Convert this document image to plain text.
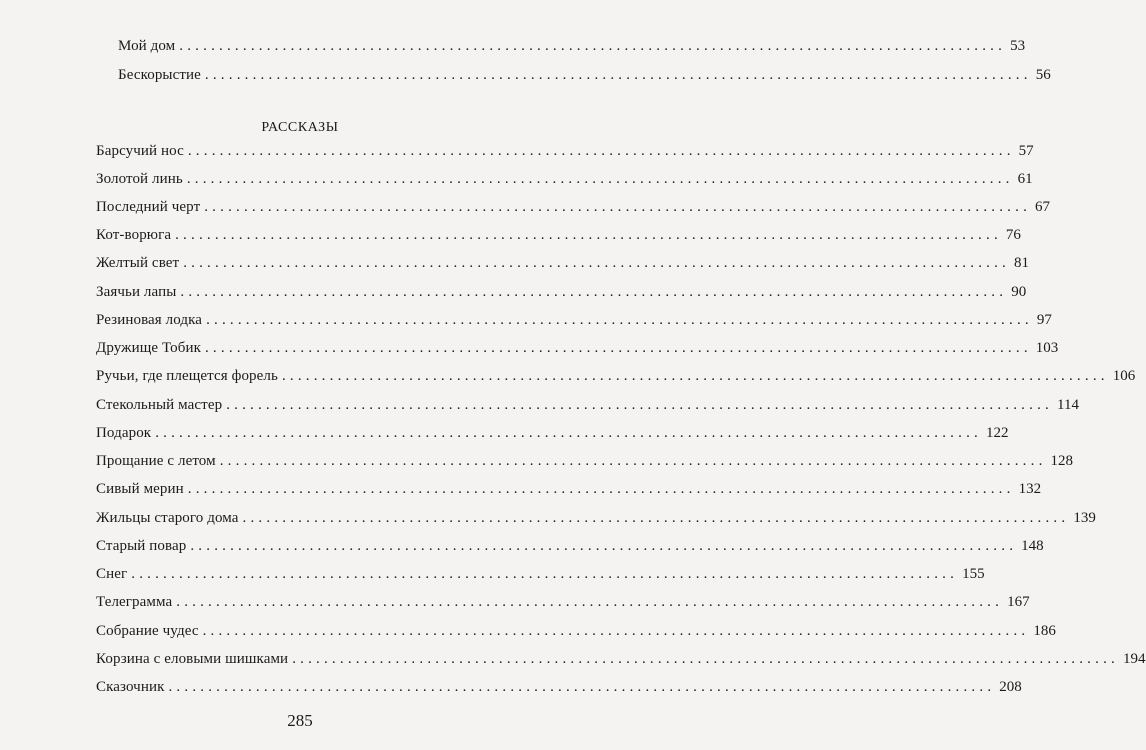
Мой дом ........................................................................................................ 53
Бескорыстие ........................................................................................................ 56
РАССКАЗЫ
Барсучий нос ........................................................................................................ 57
Золотой линь ........................................................................................................ 61
Последний черт ........................................................................................................ 67
Кот-ворюга ........................................................................................................ 76
Желтый свет ........................................................................................................ 81
Заячьи лапы ........................................................................................................ 90
Резиновая лодка ........................................................................................................ 97
Дружище Тобик ........................................................................................................ 103
Ручьи, где плещется форель ........................................................................................................ 106
Стекольный мастер ........................................................................................................ 114
Подарок ........................................................................................................ 122
Прощание с летом ........................................................................................................ 128
Сивый мерин ........................................................................................................ 132
Жильцы старого дома ........................................................................................................ 139
Старый повар ........................................................................................................ 148
Снег ........................................................................................................ 155
Телеграмма ........................................................................................................ 167
Собрание чудес ........................................................................................................ 186
Корзина с еловыми шишками ........................................................................................................ 194
Сказочник ........................................................................................................ 208
285
